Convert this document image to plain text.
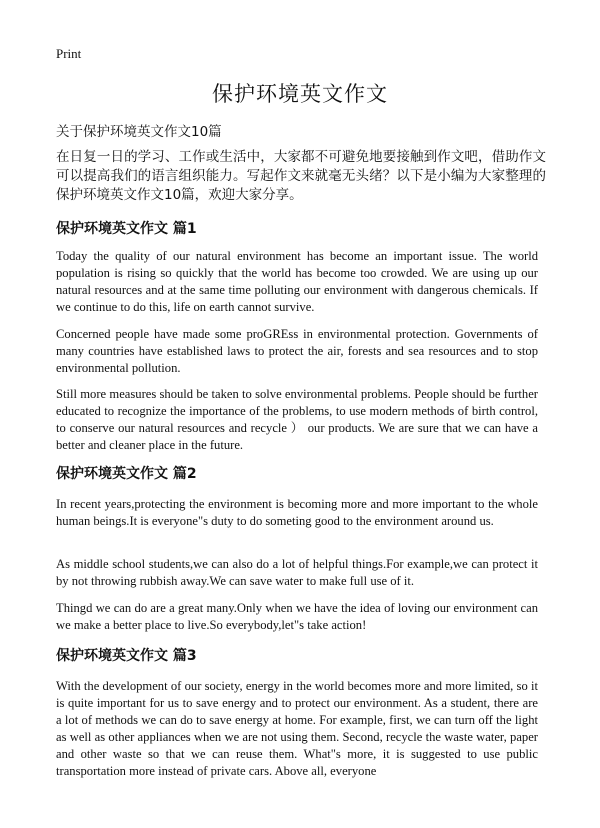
Print
保护环境英文作文
关于保护环境英文作文10篇
在日复一日的学习、工作或生活中，大家都不可避免地要接触到作文吧，借助作文可以提高我们的语言组织能力。写起作文来就毫无头绪？以下是小编为大家整理的保护环境英文作文10篇，欢迎大家分享。
保护环境英文作文 篇1
Today the quality of our natural environment has become an important issue. The world population is rising so quickly that the world has become too crowded. We are using up our natural resources and at the same time polluting our environment with dangerous chemicals. If we continue to do this, life on earth cannot survive.
Concerned people have made some proGREss in environmental protection. Governments of many countries have established laws to protect the air, forests and sea resources and to stop environmental pollution.
Still more measures should be taken to solve environmental problems. People should be further educated to recognize the importance of the problems, to use modern methods of birth control, to conserve our natural resources and recycle ） our products. We are sure that we can have a better and cleaner place in the future.
保护环境英文作文 篇2
In recent years,protecting the environment is becoming more and more important to the whole human beings.It is everyone"s duty to do someting good to the environment around us.
As middle school students,we can also do a lot of helpful things.For example,we can protect it by not throwing rubbish away.We can save water to make full use of it.
Thingd we can do are a great many.Only when we have the idea of loving our environment can we make a better place to live.So everybody,let"s take action!
保护环境英文作文 篇3
With the development of our society, energy in the world becomes more and more limited, so it is quite important for us to save energy and to protect our environment. As a student, there are a lot of methods we can do to save energy at home. For example, first, we can turn off the light as well as other appliances when we are not using them. Second, recycle the waste water, paper and other waste so that we can reuse them. What"s more, it is suggested to use public transportation more instead of private cars. Above all, everyone
